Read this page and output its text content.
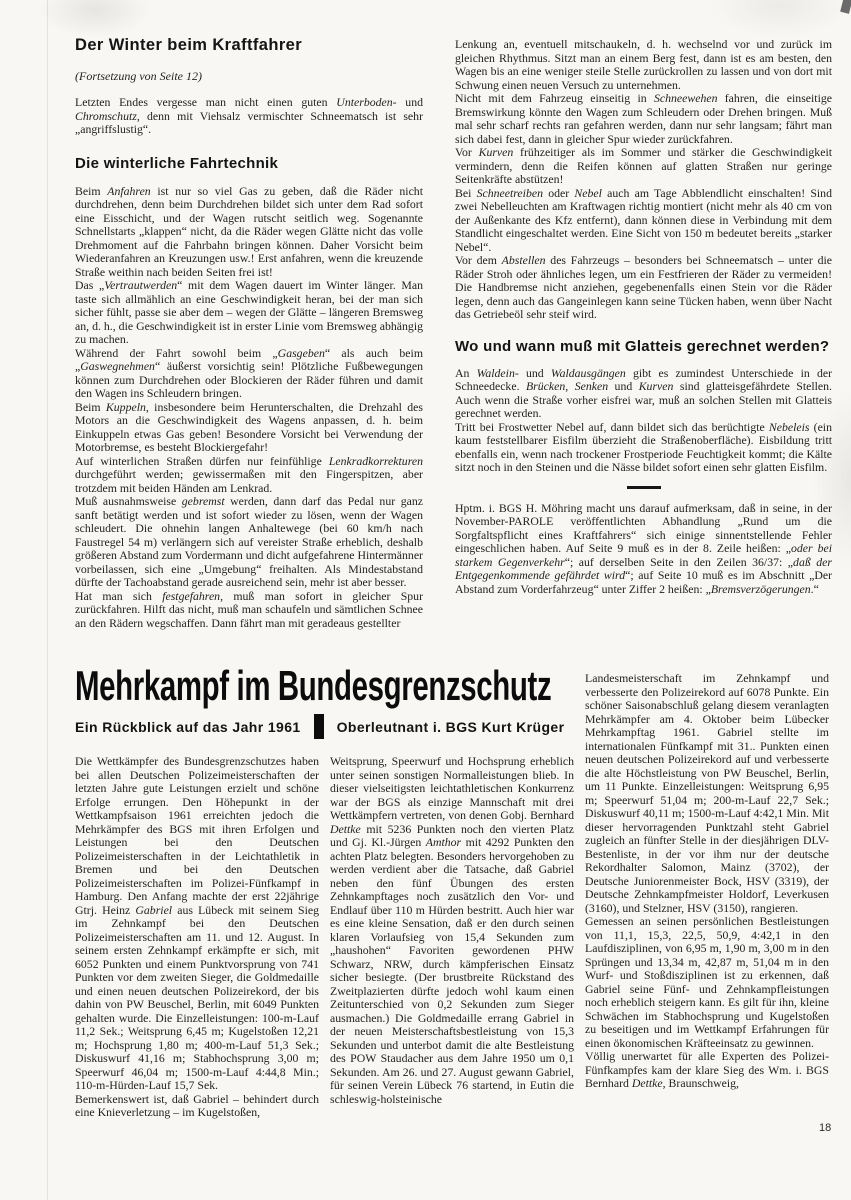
Der Winter beim Kraftfahrer

(Fortsetzung von Seite 12)

Letzten Endes vergesse man nicht einen guten Unterboden- und Chromschutz, denn mit Viehsalz vermischter Schneematsch ist sehr „angriffslustig“.

Die winterliche Fahrtechnik

Beim Anfahren ist nur so viel Gas zu geben, daß die Räder nicht durchdrehen, denn beim Durchdrehen bildet sich unter dem Rad sofort eine Eisschicht, und der Wagen rutscht seitlich weg. Sogenannte Schnellstarts „klappen“ nicht, da die Räder wegen Glätte nicht das volle Drehmoment auf die Fahrbahn bringen können. Daher Vorsicht beim Wiederanfahren an Kreuzungen usw.! Erst anfahren, wenn die kreuzende Straße weithin nach beiden Seiten frei ist!

Das „Vertrautwerden“ mit dem Wagen dauert im Winter länger. Man taste sich allmählich an eine Geschwindigkeit heran, bei der man sich sicher fühlt, passe sie aber dem – wegen der Glätte – längeren Bremsweg an, d. h., die Geschwindigkeit ist in erster Linie vom Bremsweg abhängig zu machen.

Während der Fahrt sowohl beim „Gasgeben“ als auch beim „Gaswegnehmen“ äußerst vorsichtig sein! Plötzliche Fußbewegungen können zum Durchdrehen oder Blockieren der Räder führen und damit den Wagen ins Schleudern bringen.

Beim Kuppeln, insbesondere beim Herunterschalten, die Drehzahl des Motors an die Geschwindigkeit des Wagens anpassen, d. h. beim Einkuppeln etwas Gas geben! Besondere Vorsicht bei Verwendung der Motorbremse, es besteht Blockiergefahr!

Auf winterlichen Straßen dürfen nur feinfühlige Lenkradkorrekturen durchgeführt werden; gewissermaßen mit den Fingerspitzen, aber trotzdem mit beiden Händen am Lenkrad.

Muß ausnahmsweise gebremst werden, dann darf das Pedal nur ganz sanft betätigt werden und ist sofort wieder zu lösen, wenn der Wagen schleudert. Die ohnehin langen Anhaltewege (bei 60 km/h nach Faustregel 54 m) verlängern sich auf vereister Straße erheblich, deshalb größeren Abstand zum Vordermann und dicht aufgefahrene Hintermänner vorbeilassen, sich eine „Umgebung“ freihalten. Als Mindestabstand dürfte der Tachoabstand gerade ausreichend sein, mehr ist aber besser.

Hat man sich festgefahren, muß man sofort in gleicher Spur zurückfahren. Hilft das nicht, muß man schaufeln und sämtlichen Schnee an den Rädern wegschaffen. Dann fährt man mit geradeaus gestellter

Lenkung an, eventuell mitschaukeln, d. h. wechselnd vor und zurück im gleichen Rhythmus. Sitzt man an einem Berg fest, dann ist es am besten, den Wagen bis an eine weniger steile Stelle zurückrollen zu lassen und von dort mit Schwung einen neuen Versuch zu unternehmen.

Nicht mit dem Fahrzeug einseitig in Schneewehen fahren, die einseitige Bremswirkung könnte den Wagen zum Schleudern oder Drehen bringen. Muß mal sehr scharf rechts ran gefahren werden, dann nur sehr langsam; fährt man sich dabei fest, dann in gleicher Spur wieder zurückfahren.

Vor Kurven frühzeitiger als im Sommer und stärker die Geschwindigkeit vermindern, denn die Reifen können auf glatten Straßen nur geringe Seitenkräfte abstützen!

Bei Schneetreiben oder Nebel auch am Tage Abblendlicht einschalten! Sind zwei Nebelleuchten am Kraftwagen richtig montiert (nicht mehr als 40 cm von der Außenkante des Kfz entfernt), dann können diese in Verbindung mit dem Standlicht eingeschaltet werden. Eine Sicht von 150 m bedeutet bereits „starker Nebel“.

Vor dem Abstellen des Fahrzeugs – besonders bei Schneematsch – unter die Räder Stroh oder ähnliches legen, um ein Festfrieren der Räder zu vermeiden! Die Handbremse nicht anziehen, gegebenenfalls einen Stein vor die Räder legen, denn auch das Gangeinlegen kann seine Tücken haben, wenn über Nacht das Getriebeöl sehr steif wird.

Wo und wann muß mit Glatteis gerechnet werden?

An Waldein- und Waldausgängen gibt es zumindest Unterschiede in der Schneedecke. Brücken, Senken und Kurven sind glatteisgefährdete Stellen. Auch wenn die Straße vorher eisfrei war, muß an solchen Stellen mit Glatteis gerechnet werden.

Tritt bei Frostwetter Nebel auf, dann bildet sich das berüchtigte Nebeleis (ein kaum feststellbarer Eisfilm überzieht die Straßenoberfläche). Eisbildung tritt ebenfalls ein, wenn nach trockener Frostperiode Feuchtigkeit kommt; die Kälte sitzt noch in den Steinen und die Nässe bildet sofort einen sehr glatten Eisfilm.

Hptm. i. BGS H. Möhring macht uns darauf aufmerksam, daß in seine, in der November-PAROLE veröffentlichten Abhandlung „Rund um die Sorgfaltspflicht eines Kraftfahrers“ sich einige sinnentstellende Fehler eingeschlichen haben. Auf Seite 9 muß es in der 8. Zeile heißen: „oder bei starkem Gegenverkehr“; auf derselben Seite in den Zeilen 36/37: „daß der Entgegenkommende gefährdet wird“; auf Seite 10 muß es im Abschnitt „Der Abstand zum Vorderfahrzeug“ unter Ziffer 2 heißen: „Bremsverzögerungen.“

Mehrkampf im Bundesgrenzschutz
Ein Rückblick auf das Jahr 1961	Oberleutnant i. BGS Kurt Krüger

Die Wettkämpfer des Bundesgrenzschutzes haben bei allen Deutschen Polizeimeisterschaften der letzten Jahre gute Leistungen erzielt und schöne Erfolge errungen. Den Höhepunkt in der Wettkampfsaison 1961 erreichten jedoch die Mehrkämpfer des BGS mit ihren Erfolgen und Leistungen bei den Deutschen Polizeimeisterschaften in der Leichtathletik in Bremen und bei den Deutschen Polizeimeisterschaften im Polizei-Fünfkampf in Hamburg. Den Anfang machte der erst 22jährige Gtrj. Heinz Gabriel aus Lübeck mit seinem Sieg im Zehnkampf bei den Deutschen Polizeimeisterschaften am 11. und 12. August. In seinem ersten Zehnkampf erkämpfte er sich, mit 6052 Punkten und einem Punktvorsprung von 741 Punkten vor dem zweiten Sieger, die Goldmedaille und einen neuen deutschen Polizeirekord, der bis dahin von PW Beuschel, Berlin, mit 6049 Punkten gehalten wurde. Die Einzelleistungen: 100-m-Lauf 11,2 Sek.; Weitsprung 6,45 m; Kugelstoßen 12,21 m; Hochsprung 1,80 m; 400-m-Lauf 51,3 Sek.; Diskuswurf 41,16 m; Stabhochsprung 3,00 m; Speerwurf 46,04 m; 1500-m-Lauf 4:44,8 Min.; 110-m-Hürden-Lauf 15,7 Sek.

Bemerkenswert ist, daß Gabriel – behindert durch eine Knieverletzung – im Kugelstoßen,

Weitsprung, Speerwurf und Hochsprung erheblich unter seinen sonstigen Normalleistungen blieb. In dieser vielseitigsten leichtathletischen Konkurrenz war der BGS als einzige Mannschaft mit drei Wettkämpfern vertreten, von denen Gobj. Bernhard Dettke mit 5236 Punkten noch den vierten Platz und Gj. Kl.-Jürgen Amthor mit 4292 Punkten den achten Platz belegten. Besonders hervorgehoben zu werden verdient aber die Tatsache, daß Gabriel neben den fünf Übungen des ersten Zehnkampftages noch zusätzlich den Vor- und Endlauf über 110 m Hürden bestritt. Auch hier war es eine kleine Sensation, daß er den durch seinen klaren Vorlaufsieg von 15,4 Sekunden zum „haushohen“ Favoriten gewordenen PHW Schwarz, NRW, durch kämpferischen Einsatz sicher besiegte. (Der brustbreite Rückstand des Zweitplazierten dürfte jedoch wohl kaum einen Zeitunterschied von 0,2 Sekunden zum Sieger ausmachen.) Die Goldmedaille errang Gabriel in der neuen Meisterschaftsbestleistung von 15,3 Sekunden und unterbot damit die alte Bestleistung des POW Staudacher aus dem Jahre 1950 um 0,1 Sekunden. Am 26. und 27. August gewann Gabriel, für seinen Verein Lübeck 76 startend, in Eutin die schleswig-holsteinische

Landesmeisterschaft im Zehnkampf und verbesserte den Polizeirekord auf 6078 Punkte. Ein schöner Saisonabschluß gelang diesem veranlagten Mehrkämpfer am 4. Oktober beim Lübecker Mehrkampftag 1961. Gabriel stellte im internationalen Fünfkampf mit 31.. Punkten einen neuen deutschen Polizeirekord auf und verbesserte die alte Höchstleistung von PW Beuschel, Berlin, um 11 Punkte. Einzelleistungen: Weitsprung 6,95 m; Speerwurf 51,04 m; 200-m-Lauf 22,7 Sek.; Diskuswurf 40,11 m; 1500-m-Lauf 4:42,1 Min. Mit dieser hervorragenden Punktzahl steht Gabriel zugleich an fünfter Stelle in der diesjährigen DLV-Bestenliste, in der vor ihm nur der deutsche Rekordhalter Salomon, Mainz (3702), der Deutsche Juniorenmeister Bock, HSV (3319), der Deutsche Zehnkampfmeister Holdorf, Leverkusen (3160), und Stelzner, HSV (3150), rangieren.

Gemessen an seinen persönlichen Bestleistungen von 11,1, 15,3, 22,5, 50,9, 4:42,1 in den Laufdisziplinen, von 6,95 m, 1,90 m, 3,00 m in den Sprüngen und 13,34 m, 42,87 m, 51,04 m in den Wurf- und Stoßdisziplinen ist zu erkennen, daß Gabriel seine Fünf- und Zehnkampfleistungen noch erheblich steigern kann. Es gilt für ihn, kleine Schwächen im Stabhochsprung und Kugelstoßen zu beseitigen und im Wettkampf Erfahrungen für einen ökonomischen Kräfteeinsatz zu gewinnen.

Völlig unerwartet für alle Experten des Polizei-Fünfkampfes kam der klare Sieg des Wm. i. BGS Bernhard Dettke, Braunschweig,

18
